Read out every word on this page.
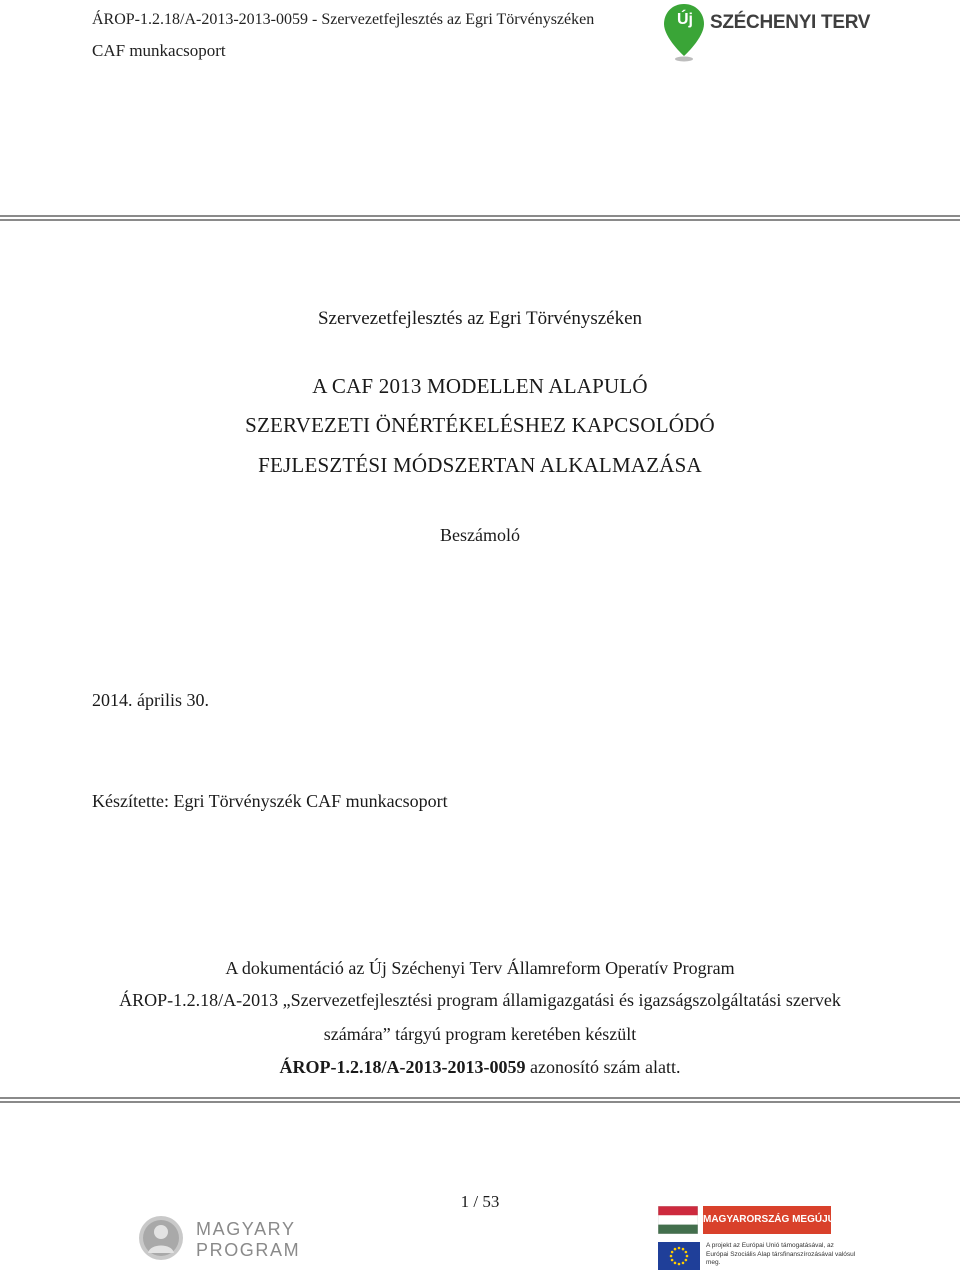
ÁROP-1.2.18/A-2013-2013-0059 - Szervezetfejlesztés az Egri Törvényszéken
CAF munkacsoport
Új SZÉCHENYI TERV
Szervezetfejlesztés az Egri Törvényszéken
A CAF 2013 MODELLEN ALAPULÓ
SZERVEZETI ÖNÉRTÉKELÉSHEZ KAPCSOLÓDÓ
FEJLESZTÉSI MÓDSZERTAN ALKALMAZÁSA
Beszámoló
2014. április 30.
Készítette: Egri Törvényszék CAF munkacsoport
A dokumentáció az Új Széchenyi Terv Államreform Operatív Program
ÁROP-1.2.18/A-2013 „Szervezetfejlesztési program államigazgatási és igazságszolgáltatási szervek
számára” tárgyú program keretében készült
ÁROP-1.2.18/A-2013-2013-0059 azonosító szám alatt.
1 / 53
MAGYARY
PROGRAM
MAGYARORSZÁG MEGÚJUL
A projekt az Európai Unió támogatásával, az Európai Szociális Alap társfinanszírozásával valósul meg.
